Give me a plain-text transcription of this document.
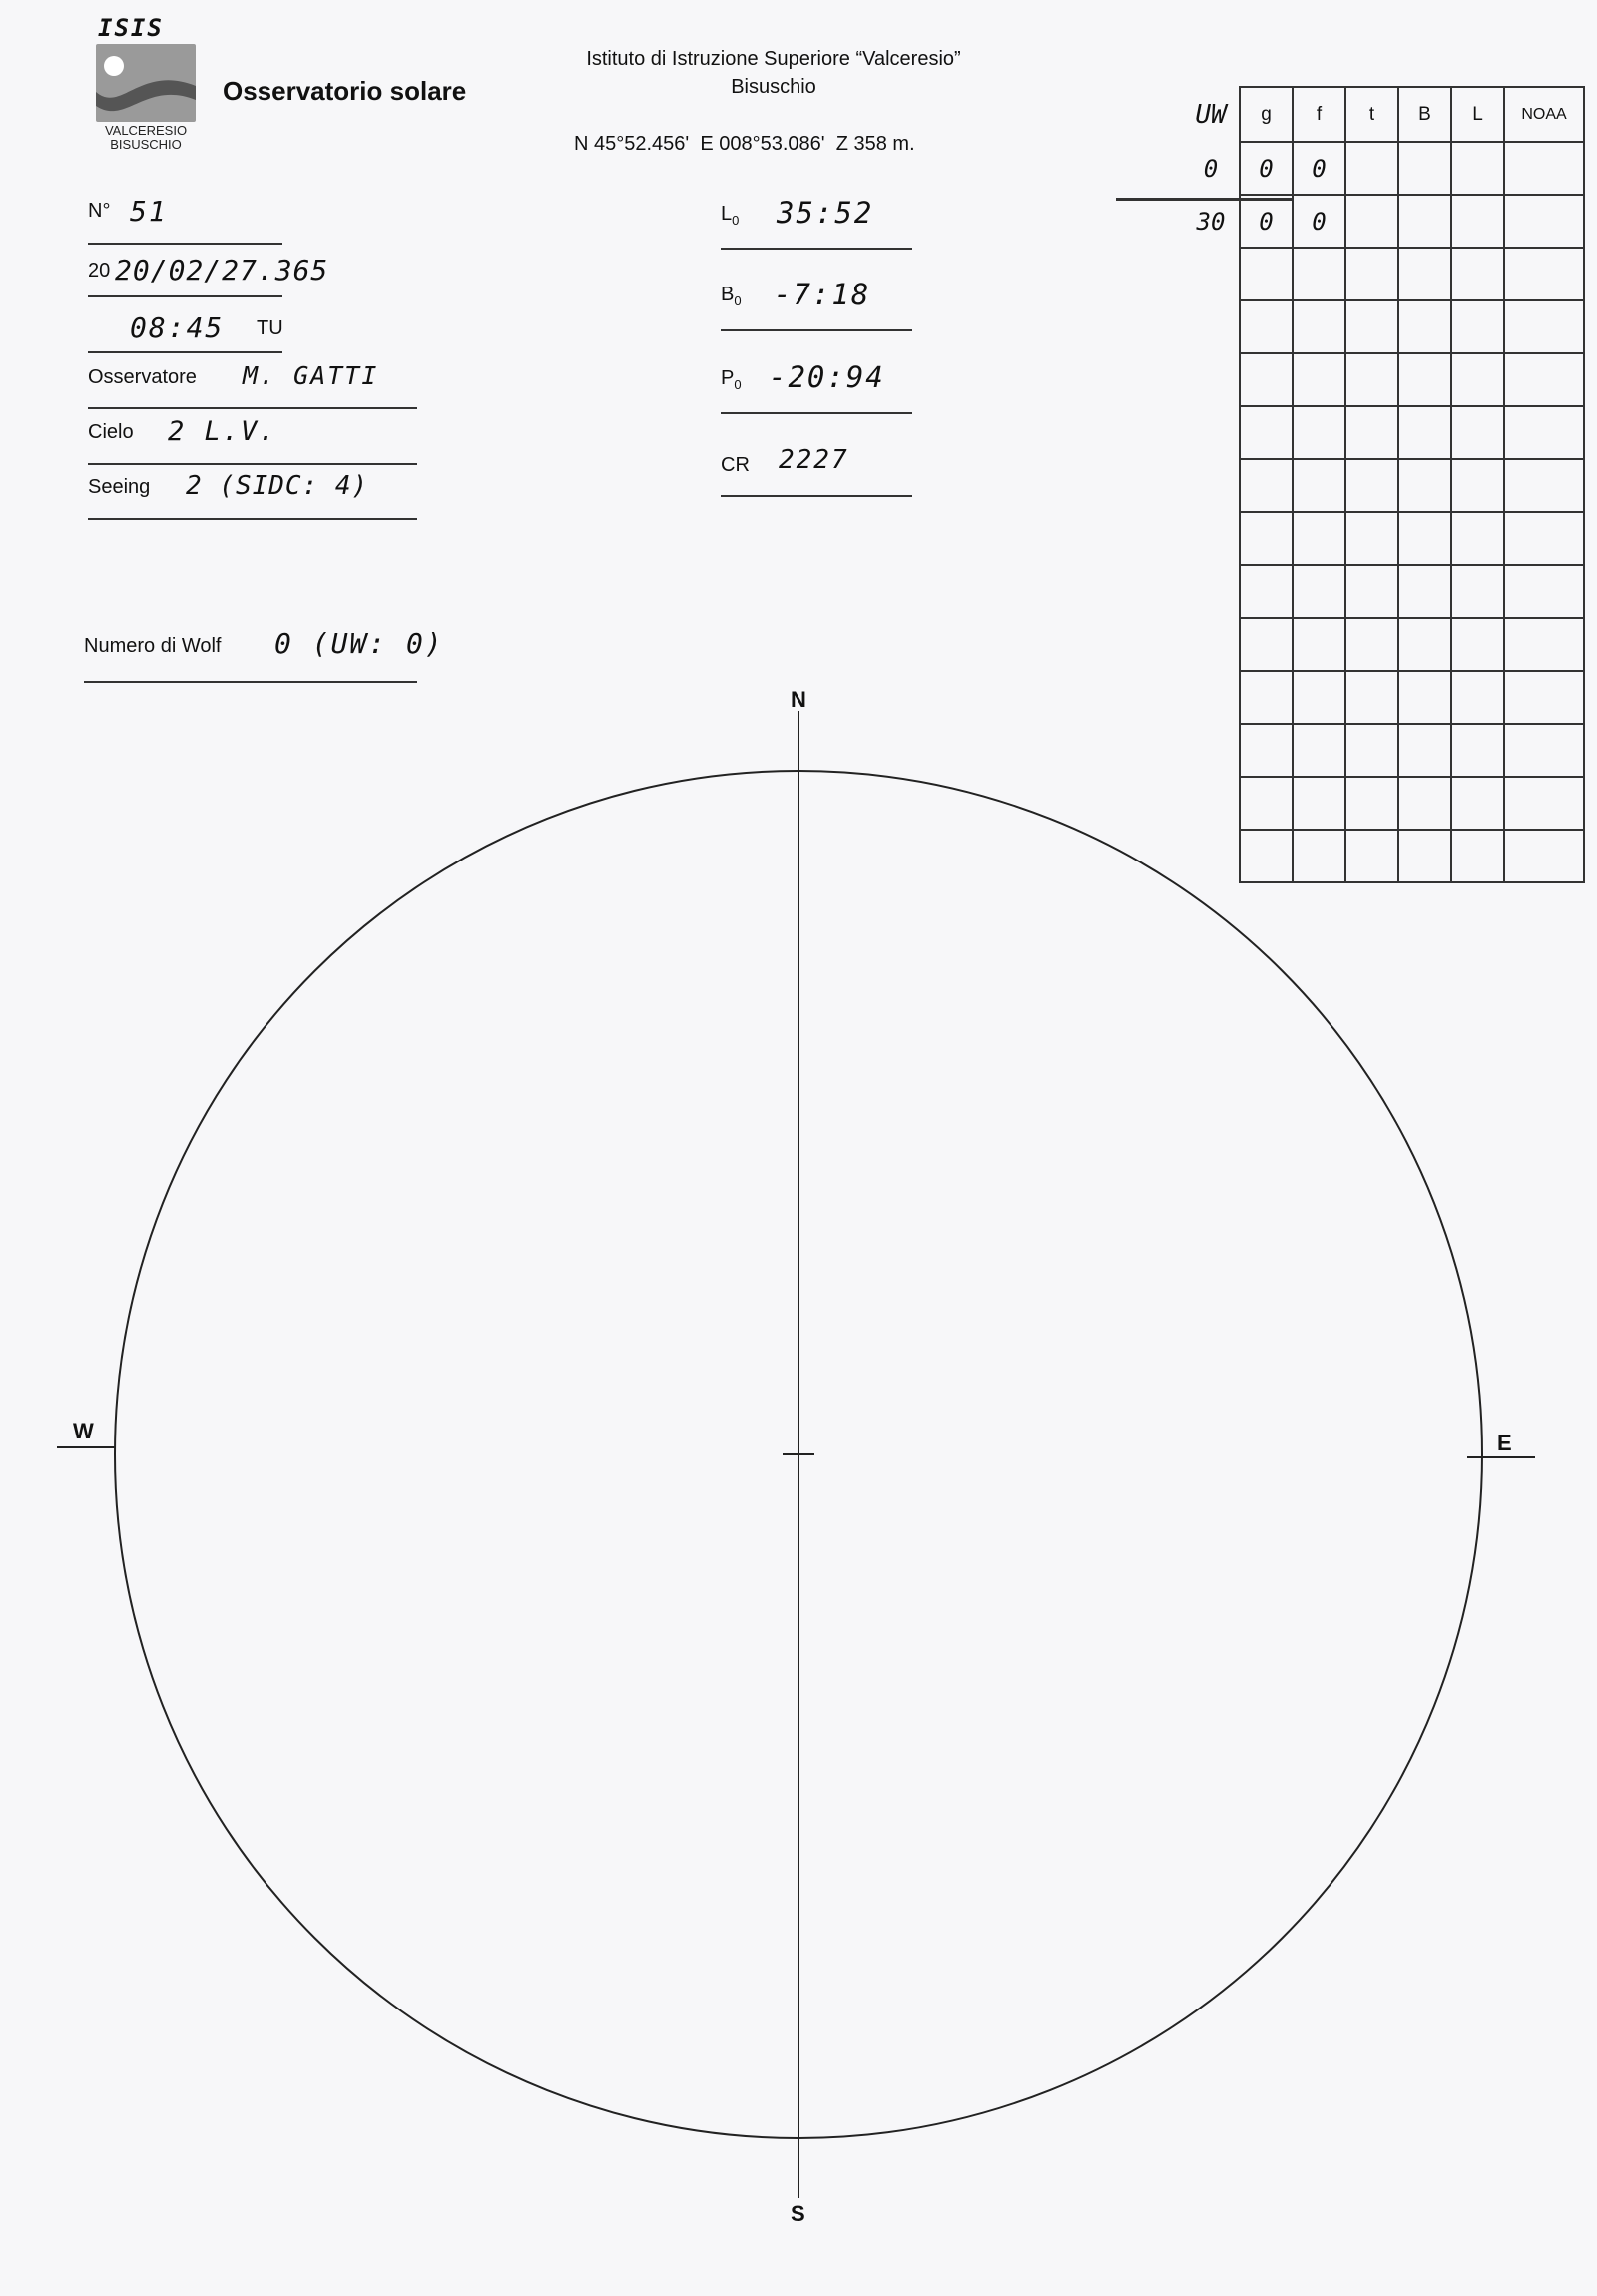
ISIS
VALCERESIO
BISUSCHIO
Osservatorio solare
Istituto di Istruzione Superiore “Valceresio”
Bisuschio
N 45°52.456'  E 008°53.086'  Z 358 m.
N° 51
20 20/02/27.365
08:45 TU
Osservatore M. GATTI
Cielo 2 L.V.
Seeing 2 (SIDC: 4)
Numero di Wolf 0 (UW: 0)
$L_0$ 35:52
$B_0$ -7:18
$P_0$ -20:94
CR 2227
UW	g	f	t	B	L	NOAA
0	0	0				
30	0	0				

N
S
W	E
